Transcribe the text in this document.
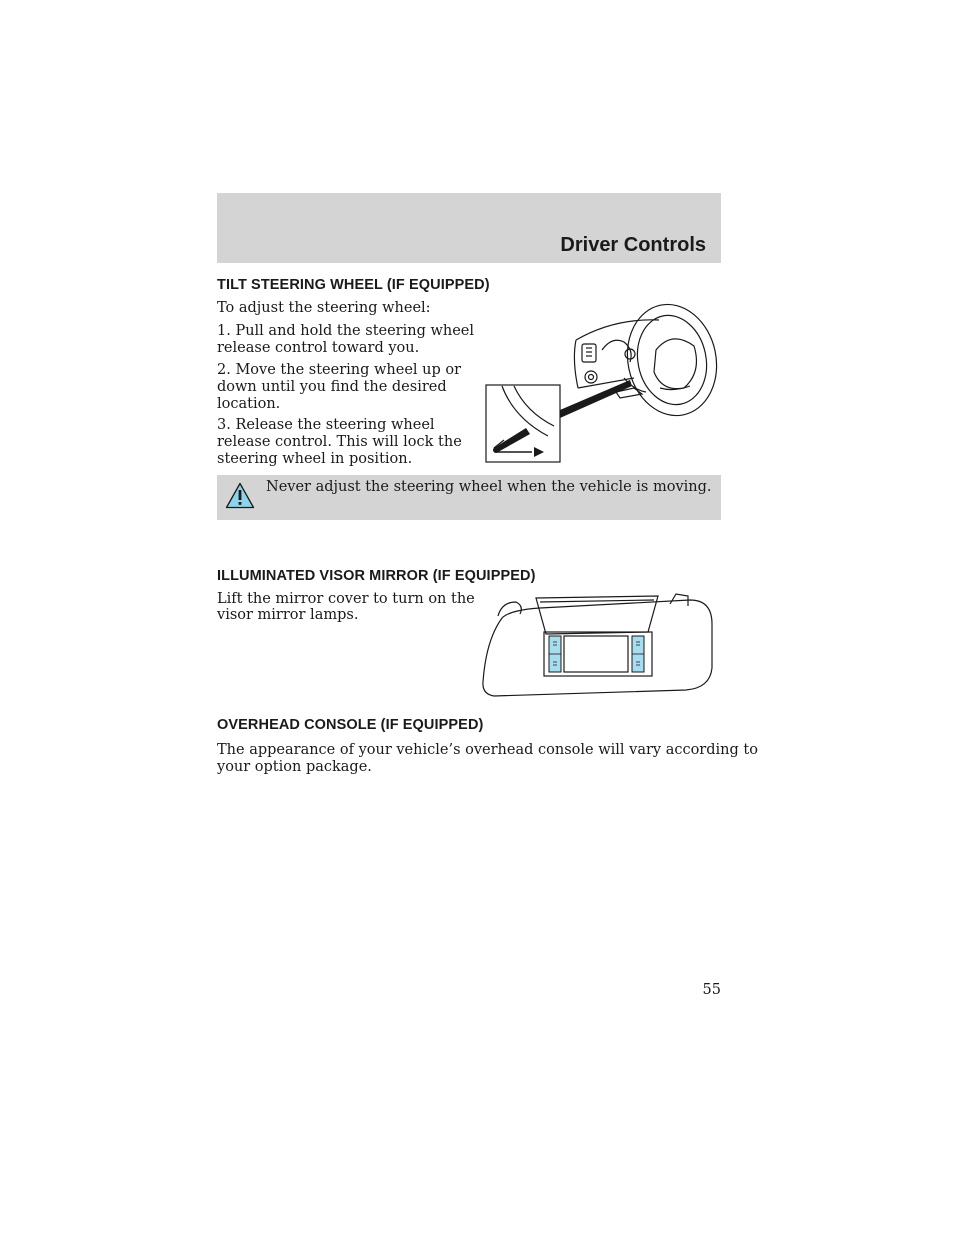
Driver Controls
TILT STEERING WHEEL (IF EQUIPPED)

To adjust the steering wheel:

1. Pull and hold the steering wheel

release control toward you.

2. Move the steering wheel up or

down until you find the desired

location.

3. Release the steering wheel

release control. This will lock the

steering wheel in position.

Never adjust the steering wheel when the vehicle is moving.
ILLUMINATED VISOR MIRROR (IF EQUIPPED)

Lift the mirror cover to turn on the

visor mirror lamps.

OVERHEAD CONSOLE (IF EQUIPPED)

The appearance of your vehicle’s overhead console will vary according to

your option package.

55
